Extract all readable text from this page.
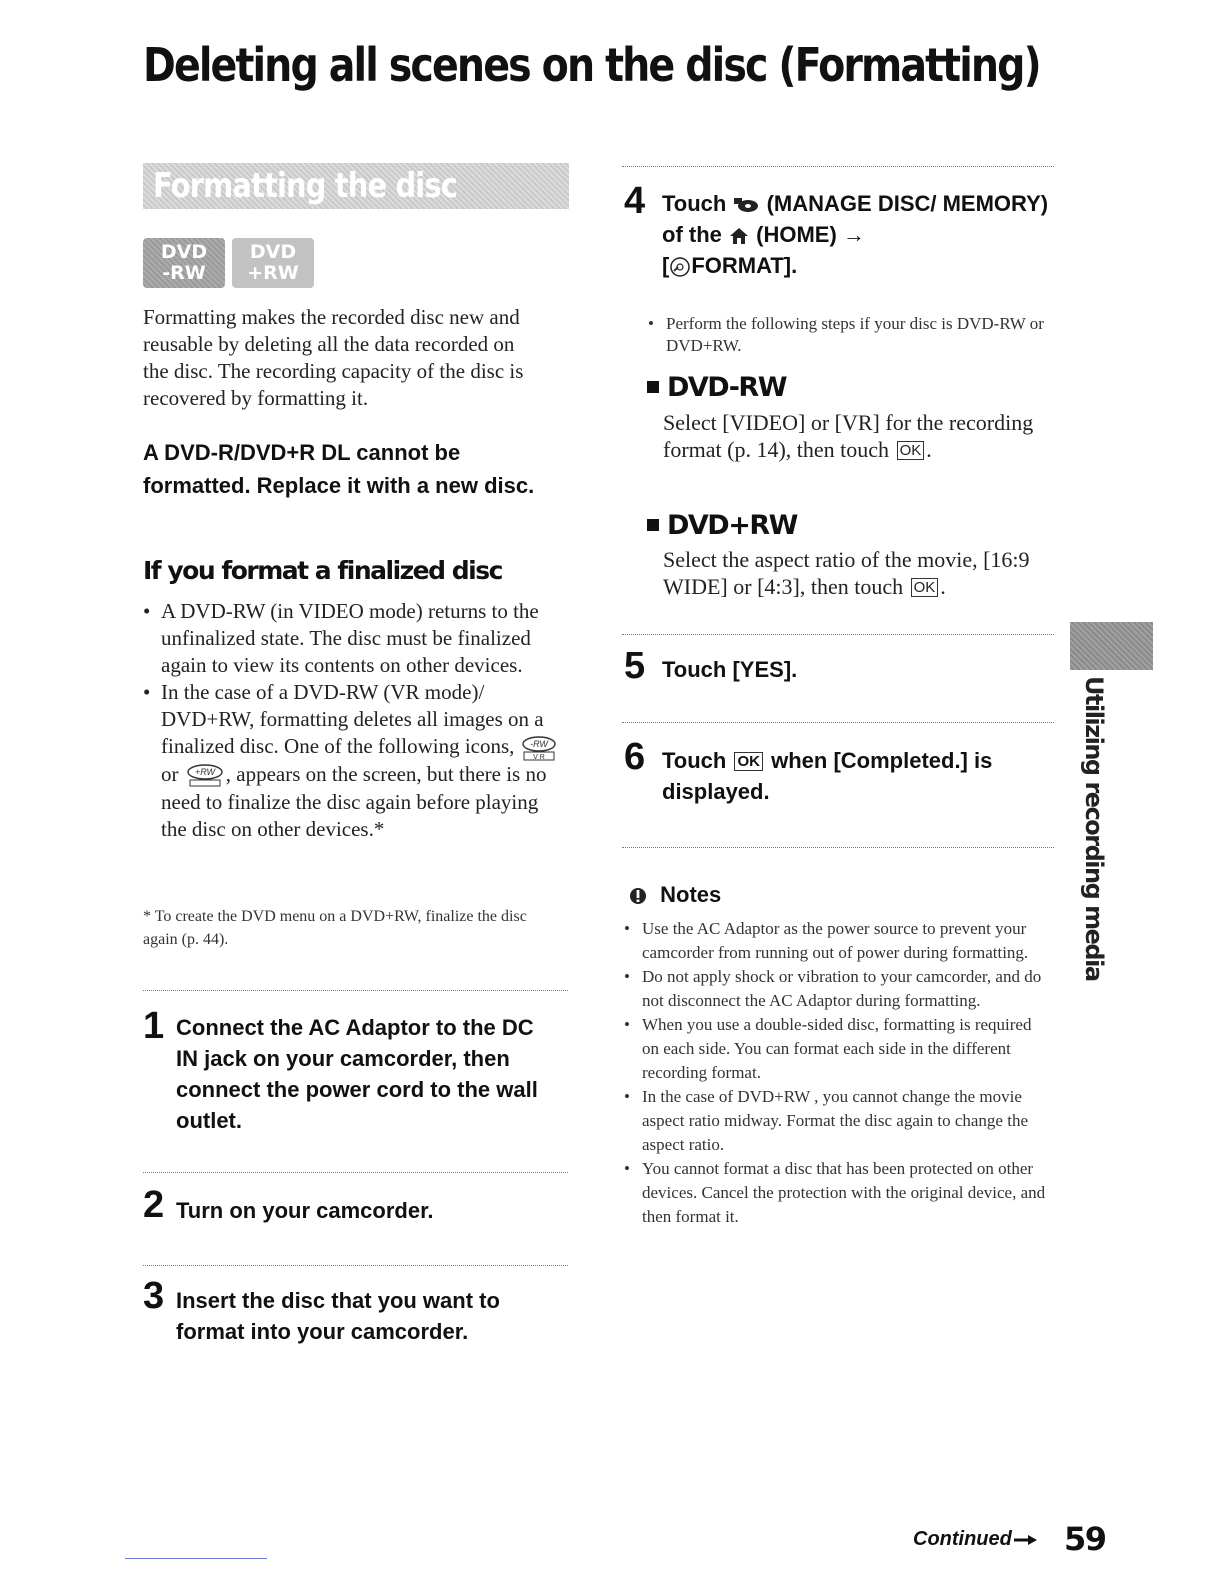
Deleting all scenes on the disc (Formatting)
Formatting the disc
DVD
-RW
DVD
+RW
Formatting makes the recorded disc new and reusable by deleting all the data recorded on the disc. The recording capacity of the disc is recovered by formatting it.
A DVD-R/DVD+R DL cannot be formatted. Replace it with a new disc.
If you format a finalized disc
• A DVD-RW (in VIDEO mode) returns to the unfinalized state. The disc must be finalized again to view its contents on other devices.
• In the case of a DVD-RW (VR mode)/ DVD+RW, formatting deletes all images on a finalized disc. One of the following icons, -RW
V R
or +RW , appears on the screen, but there is no need to finalize the disc again before playing the disc on other devices.*
* To create the DVD menu on a DVD+RW, finalize the disc again (p. 44).
1 Connect the AC Adaptor to the DC IN jack on your camcorder, then connect the power cord to the wall outlet.
2 Turn on your camcorder.
3 Insert the disc that you want to format into your camcorder.
4 Touch (MANAGE DISC/ MEMORY) of the (HOME) →
[ FORMAT].
• Perform the following steps if your disc is DVD-RW or DVD+RW.
DVD-RW
Select [VIDEO] or [VR] for the recording format (p. 14), then touch OK .
DVD+RW
Select the aspect ratio of the movie, [16:9 WIDE] or [4:3], then touch OK .
5 Touch [YES].
6 Touch OK when [Completed.] is displayed.
Notes
• Use the AC Adaptor as the power source to prevent your camcorder from running out of power during formatting.
• Do not apply shock or vibration to your camcorder, and do not disconnect the AC Adaptor during formatting.
• When you use a double-sided disc, formatting is required on each side. You can format each side in the different recording format.
• In the case of DVD+RW , you cannot change the movie aspect ratio midway. Format the disc again to change the aspect ratio.
• You cannot format a disc that has been protected on other devices. Cancel the protection with the original device, and then format it.
Utilizing recording media
Continued	59
